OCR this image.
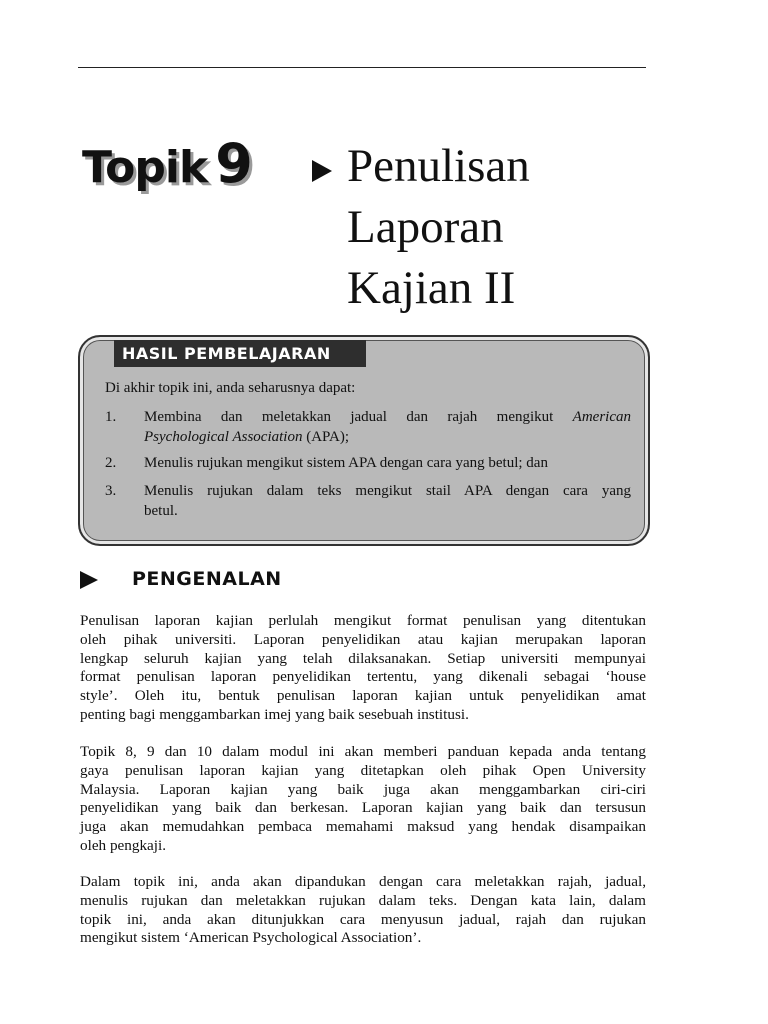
Topik 9 Penulisan
Laporan
Kajian II
HASIL PEMBELAJARAN
Di akhir topik ini, anda seharusnya dapat:
1. Membina dan meletakkan jadual dan rajah mengikut American
Psychological Association (APA);
2. Menulis rujukan mengikut sistem APA dengan cara yang betul; dan
3. Menulis rujukan dalam teks mengikut stail APA dengan cara yang
betul.
PENGENALAN
Penulisan laporan kajian perlulah mengikut format penulisan yang ditentukan
oleh pihak universiti. Laporan penyelidikan atau kajian merupakan laporan
lengkap seluruh kajian yang telah dilaksanakan. Setiap universiti mempunyai
format penulisan laporan penyelidikan tertentu, yang dikenali sebagai ‘house
style’. Oleh itu, bentuk penulisan laporan kajian untuk penyelidikan amat
penting bagi menggambarkan imej yang baik sesebuah institusi.
Topik 8, 9 dan 10 dalam modul ini akan memberi panduan kepada anda tentang
gaya penulisan laporan kajian yang ditetapkan oleh pihak Open University
Malaysia. Laporan kajian yang baik juga akan menggambarkan ciri-ciri
penyelidikan yang baik dan berkesan. Laporan kajian yang baik dan tersusun
juga akan memudahkan pembaca memahami maksud yang hendak disampaikan
oleh pengkaji.
Dalam topik ini, anda akan dipandukan dengan cara meletakkan rajah, jadual,
menulis rujukan dan meletakkan rujukan dalam teks. Dengan kata lain, dalam
topik ini, anda akan ditunjukkan cara menyusun jadual, rajah dan rujukan
mengikut sistem ‘American Psychological Association’.
